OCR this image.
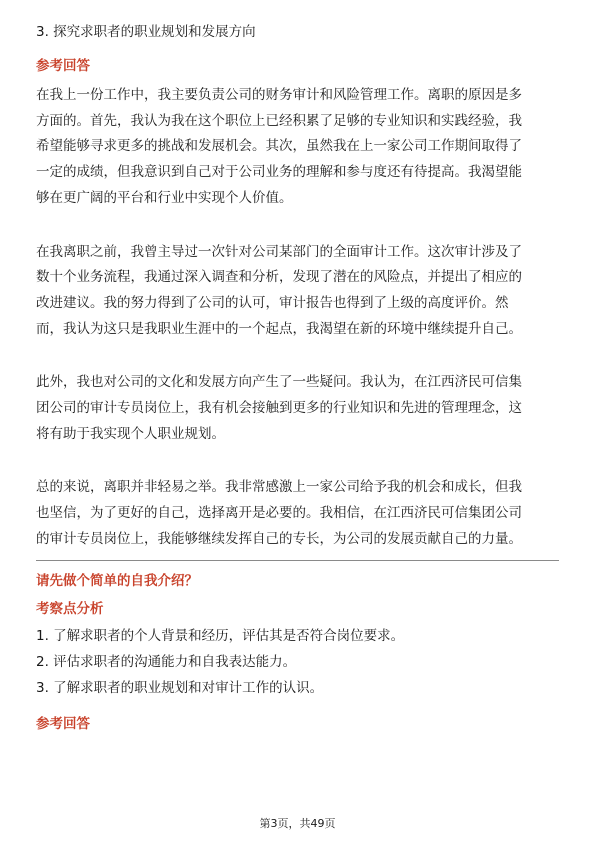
3. 探究求职者的职业规划和发展方向

参考回答

在我上一份工作中，我主要负责公司的财务审计和风险管理工作。离职的原因是多

方面的。首先，我认为我在这个职位上已经积累了足够的专业知识和实践经验，我

希望能够寻求更多的挑战和发展机会。其次，虽然我在上一家公司工作期间取得了

一定的成绩，但我意识到自己对于公司业务的理解和参与度还有待提高。我渴望能

够在更广阔的平台和行业中实现个人价值。

在我离职之前，我曾主导过一次针对公司某部门的全面审计工作。这次审计涉及了

数十个业务流程，我通过深入调查和分析，发现了潜在的风险点，并提出了相应的

改进建议。我的努力得到了公司的认可，审计报告也得到了上级的高度评价。然

而，我认为这只是我职业生涯中的一个起点，我渴望在新的环境中继续提升自己。

此外，我也对公司的文化和发展方向产生了一些疑问。我认为，在江西济民可信集

团公司的审计专员岗位上，我有机会接触到更多的行业知识和先进的管理理念，这

将有助于我实现个人职业规划。

总的来说，离职并非轻易之举。我非常感激上一家公司给予我的机会和成长，但我

也坚信，为了更好的自己，选择离开是必要的。我相信，在江西济民可信集团公司

的审计专员岗位上，我能够继续发挥自己的专长，为公司的发展贡献自己的力量。

请先做个简单的自我介绍？

考察点分析

1. 了解求职者的个人背景和经历，评估其是否符合岗位要求。

2. 评估求职者的沟通能力和自我表达能力。

3. 了解求职者的职业规划和对审计工作的认识。

参考回答

第3页，共49页
